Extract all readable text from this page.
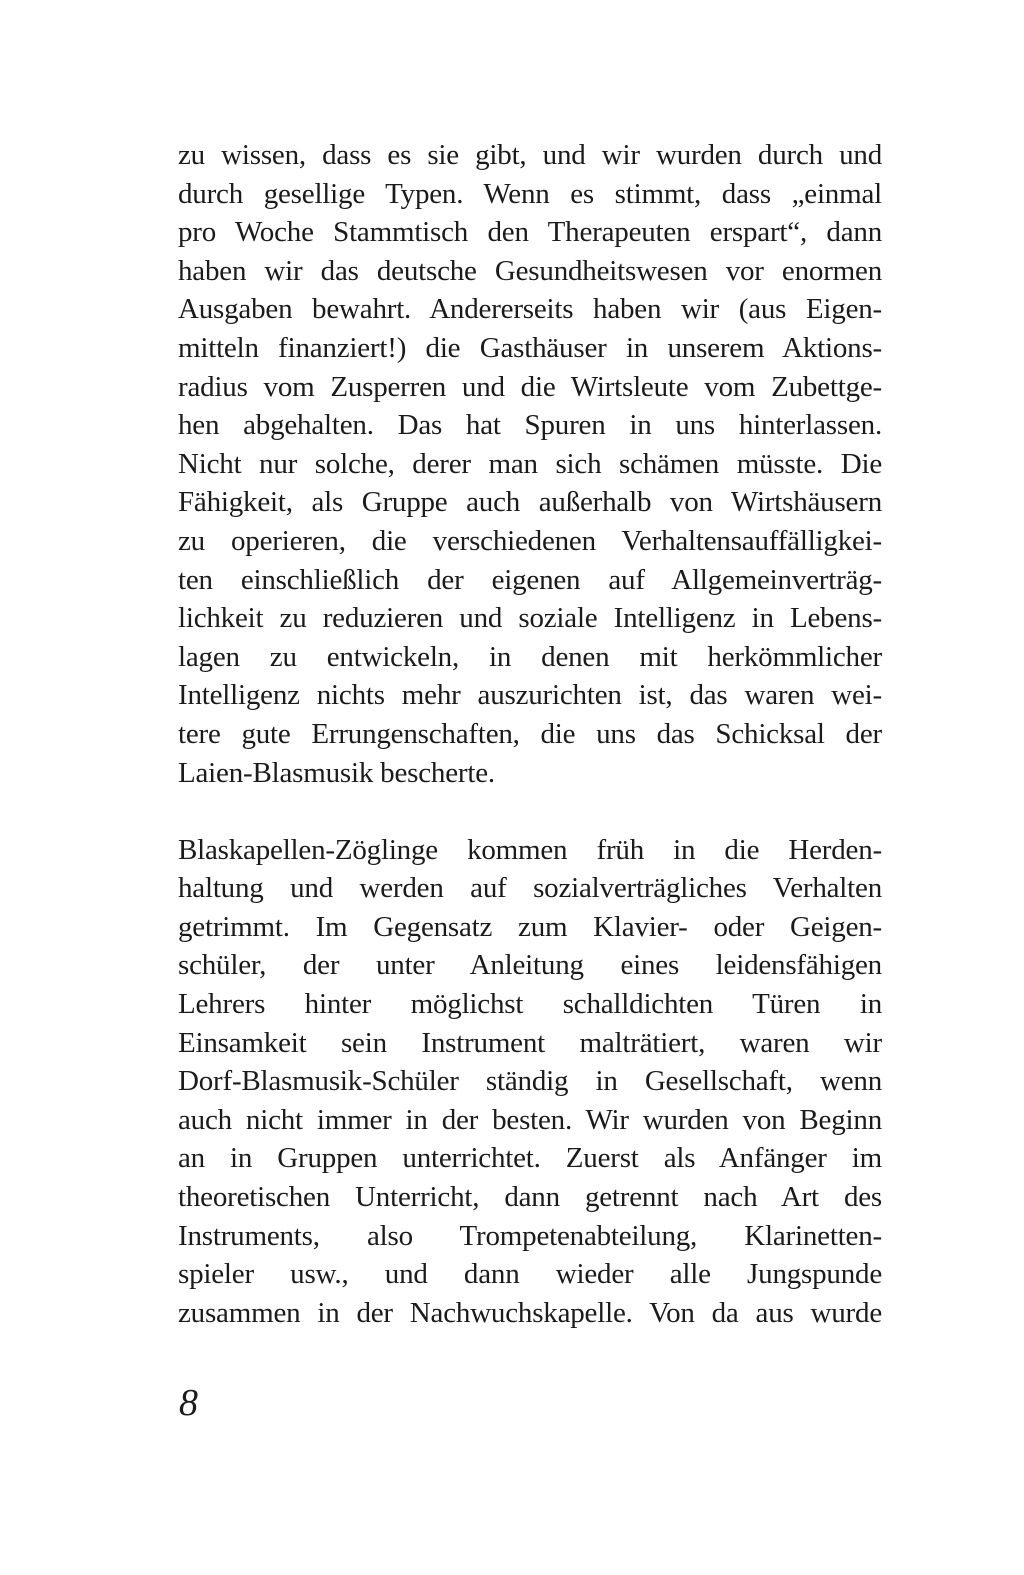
zu wissen, dass es sie gibt, und wir wurden durch und
durch gesellige Typen. Wenn es stimmt, dass „einmal
pro Woche Stammtisch den Therapeuten erspart“, dann
haben wir das deutsche Gesundheitswesen vor enormen
Ausgaben bewahrt. Andererseits haben wir (aus Eigen-
mitteln finanziert!) die Gasthäuser in unserem Aktions-
radius vom Zusperren und die Wirtsleute vom Zubettge-
hen abgehalten. Das hat Spuren in uns hinterlassen.
Nicht nur solche, derer man sich schämen müsste. Die
Fähigkeit, als Gruppe auch außerhalb von Wirtshäusern
zu operieren, die verschiedenen Verhaltensauffälligkei-
ten einschließlich der eigenen auf Allgemeinverträg-
lichkeit zu reduzieren und soziale Intelligenz in Lebens-
lagen zu entwickeln, in denen mit herkömmlicher
Intelligenz nichts mehr auszurichten ist, das waren wei-
tere gute Errungenschaften, die uns das Schicksal der
Laien-Blasmusik bescherte.
Blaskapellen-Zöglinge kommen früh in die Herden-
haltung und werden auf sozialverträgliches Verhalten
getrimmt. Im Gegensatz zum Klavier- oder Geigen-
schüler, der unter Anleitung eines leidensfähigen
Lehrers hinter möglichst schalldichten Türen in
Einsamkeit sein Instrument malträtiert, waren wir
Dorf-Blasmusik-Schüler ständig in Gesellschaft, wenn
auch nicht immer in der besten. Wir wurden von Beginn
an in Gruppen unterrichtet. Zuerst als Anfänger im
theoretischen Unterricht, dann getrennt nach Art des
Instruments, also Trompetenabteilung, Klarinetten-
spieler usw., und dann wieder alle Jungspunde
zusammen in der Nachwuchskapelle. Von da aus wurde
8
